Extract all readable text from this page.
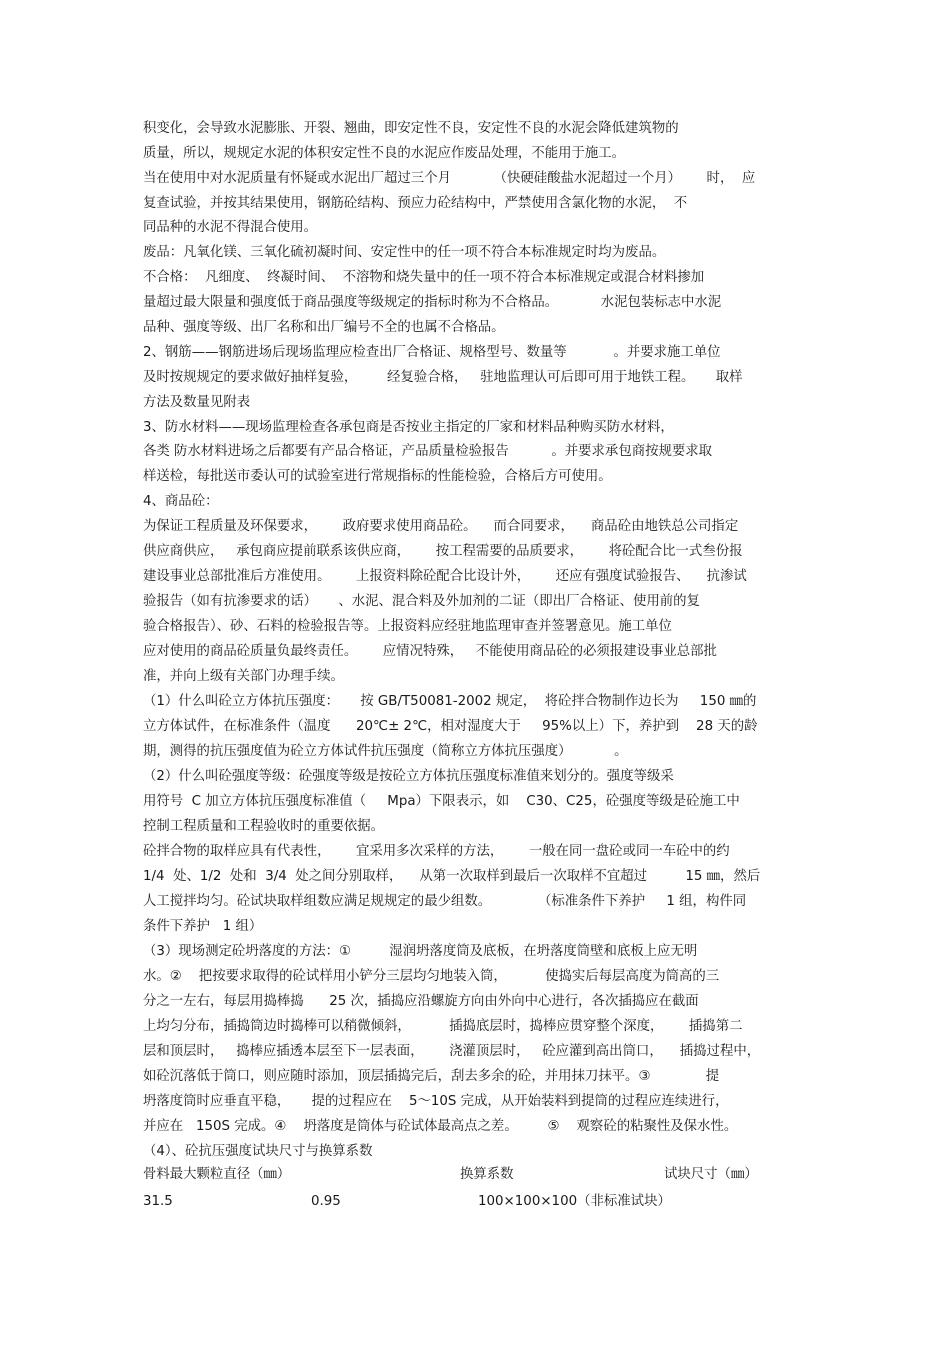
积变化，会导致水泥膨胀、开裂、翘曲，即安定性不良，安定性不良的水泥会降低建筑物的
质量，所以，规规定水泥的体积安定性不良的水泥应作废品处理，不能用于施工。
当在使用中对水泥质量有怀疑或水泥出厂超过三个月          （快硬硅酸盐水泥超过一个月）      时，  应
复查试验，并按其结果使用，钢筋砼结构、预应力砼结构中，严禁使用含氯化物的水泥，  不
同品种的水泥不得混合使用。
废品：凡氧化镁、三氧化硫初凝时间、安定性中的任一项不符合本标准规定时均为废品。
不合格：  凡细度、  终凝时间、  不溶物和烧失量中的任一项不符合本标准规定或混合材料掺加
量超过最大限量和强度低于商品强度等级规定的指标时称为不合格品。          水泥包装标志中水泥
品种、强度等级、出厂名称和出厂编号不全的也属不合格品。
2、钢筋——钢筋进场后现场监理应检查出厂合格证、规格型号、数量等           。并要求施工单位
及时按规规定的要求做好抽样复验，       经复验合格，   驻地监理认可后即可用于地铁工程。     取样
方法及数量见附表
3、防水材料——现场监理检查各承包商是否按业主指定的厂家和材料品种购买防水材料，
各类 防水材料进场之后都要有产品合格证，产品质量检验报告          。并要求承包商按规要求取
样送检，每批送市委认可的试验室进行常规指标的性能检验，合格后方可使用。
4、商品砼：
为保证工程质量及环保要求，      政府要求使用商品砼。    而合同要求，    商品砼由地铁总公司指定
供应商供应，   承包商应提前联系该供应商，      按工程需要的品质要求，      将砼配合比一式叁份报
建设事业总部批准后方准使用。      上报资料除砼配合比设计外，      还应有强度试验报告、    抗渗试
验报告（如有抗渗要求的话）     、水泥、混合料及外加剂的二证（即出厂合格证、使用前的复
验合格报告）、砂、石料的检验报告等。上报资料应经驻地监理审查并签署意见。施工单位
应对使用的商品砼质量负最终责任。      应情况特殊，   不能使用商品砼的必须报建设事业总部批
准，并向上级有关部门办理手续。
（1）什么叫砼立方体抗压强度：     按 GB/T50081-2002 规定，  将砼拌合物制作边长为     150 ㎜的
立方体试件，在标准条件（温度      20℃± 2℃，相对湿度大于     95%以上）下，养护到    28 天的龄
期，测得的抗压强度值为砼立方体试件抗压强度（简称立方体抗压强度）          。
（2）什么叫砼强度等级：砼强度等级是按砼立方体抗压强度标准值来划分的。强度等级采
用符号  C 加立方体抗压强度标准值（     Mpa）下限表示，如    C30、C25，砼强度等级是砼施工中
控制工程质量和工程验收时的重要依据。
砼拌合物的取样应具有代表性，      宜采用多次采样的方法，      一般在同一盘砼或同一车砼中的约
1/4  处、1/2  处和  3/4  处之间分别取样，    从第一次取样到最后一次取样不宜超过         15 ㎜，然后
人工搅拌均匀。砼试块取样组数应满足规规定的最少组数。           （标准条件下养护     1 组，构件同
条件下养护   1 组）
（3）现场测定砼坍落度的方法：①         湿润坍落度筒及底板，在坍落度筒壁和底板上应无明
水。②    把按要求取得的砼试样用小铲分三层均匀地装入筒，         使捣实后每层高度为筒高的三
分之一左右，每层用捣棒捣      25 次，插捣应沿螺旋方向由外向中心进行，各次插捣应在截面
上均匀分布，插捣筒边时捣棒可以稍微倾斜，         插捣底层时，捣棒应贯穿整个深度，      插捣第二
层和顶层时，   捣棒应插透本层至下一层表面，      浇灌顶层时，   砼应灌到高出筒口，    插捣过程中，
如砼沉落低于筒口，则应随时添加，顶层插捣完后，刮去多余的砼，并用抹刀抹平。③             提
坍落度筒时应垂直平稳，     提的过程应在    5～10S 完成，从开始装料到提筒的过程应连续进行，
并应在   150S 完成。④    坍落度是筒体与砼试体最高点之差。       ⑤    观察砼的粘聚性及保水性。
（4）、砼抗压强度试块尺寸与换算系数
骨料最大颗粒直径（㎜）	换算系数	试块尺寸（㎜）
31.5	0.95	100×100×100（非标准试块）
